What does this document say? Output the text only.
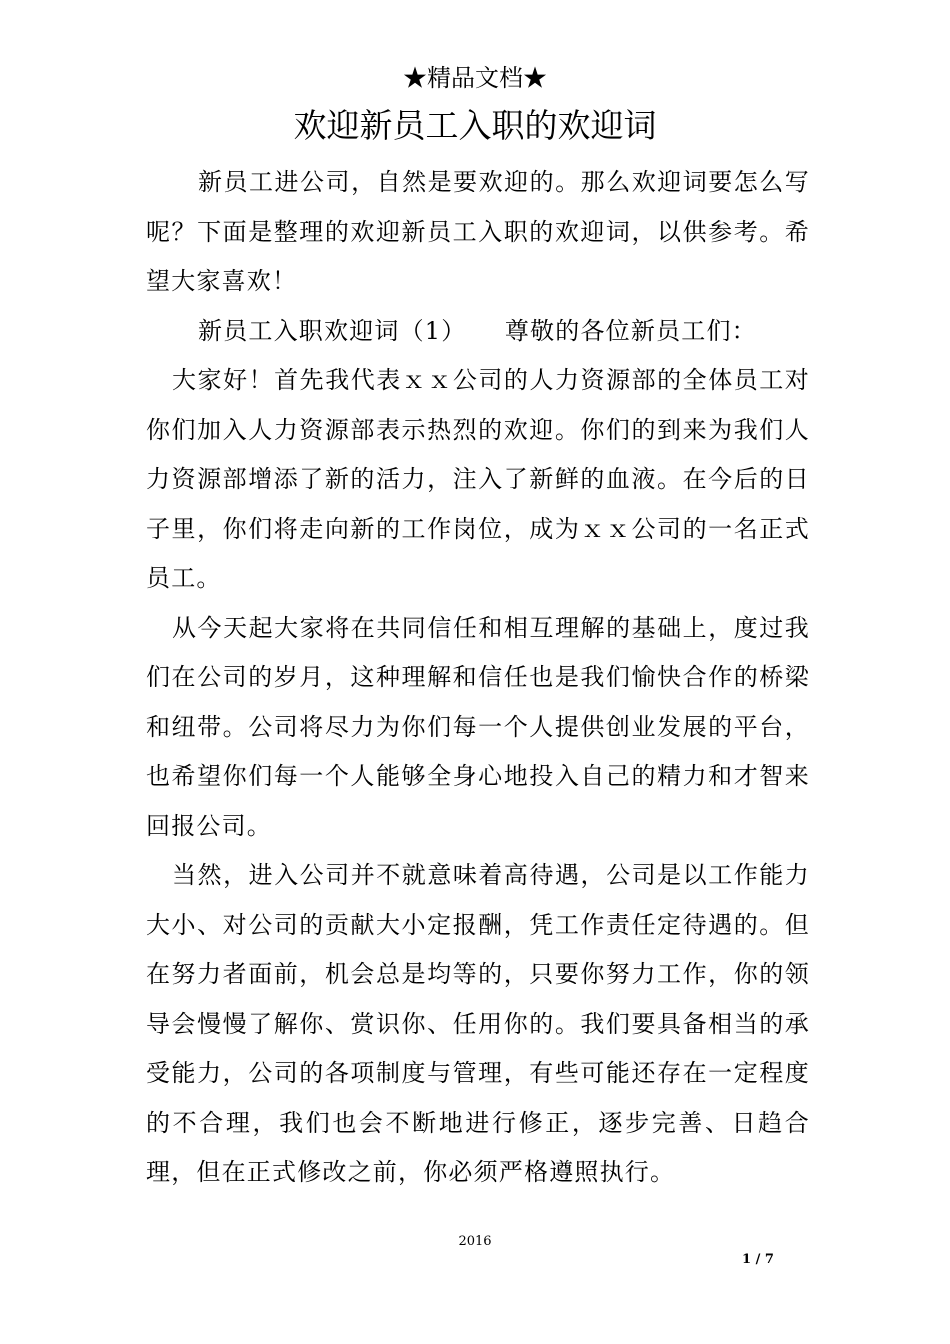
★精品文档★
欢迎新员工入职的欢迎词

新员工进公司，自然是要欢迎的。那么欢迎词要怎么写呢？下面是整理的欢迎新员工入职的欢迎词，以供参考。希望大家喜欢！

新员工入职欢迎词（1）　　尊敬的各位新员工们：

大家好！首先我代表ｘｘ公司的人力资源部的全体员工对你们加入人力资源部表示热烈的欢迎。你们的到来为我们人力资源部增添了新的活力，注入了新鲜的血液。在今后的日子里，你们将走向新的工作岗位，成为ｘｘ公司的一名正式员工。

从今天起大家将在共同信任和相互理解的基础上，度过我们在公司的岁月，这种理解和信任也是我们愉快合作的桥梁和纽带。公司将尽力为你们每一个人提供创业发展的平台，也希望你们每一个人能够全身心地投入自己的精力和才智来回报公司。

当然，进入公司并不就意味着高待遇，公司是以工作能力大小、对公司的贡献大小定报酬，凭工作责任定待遇的。但在努力者面前，机会总是均等的，只要你努力工作，你的领导会慢慢了解你、赏识你、任用你的。我们要具备相当的承受能力，公司的各项制度与管理，有些可能还存在一定程度的不合理，我们也会不断地进行修正，逐步完善、日趋合理，但在正式修改之前，你必须严格遵照执行。

2016
1 / 7
